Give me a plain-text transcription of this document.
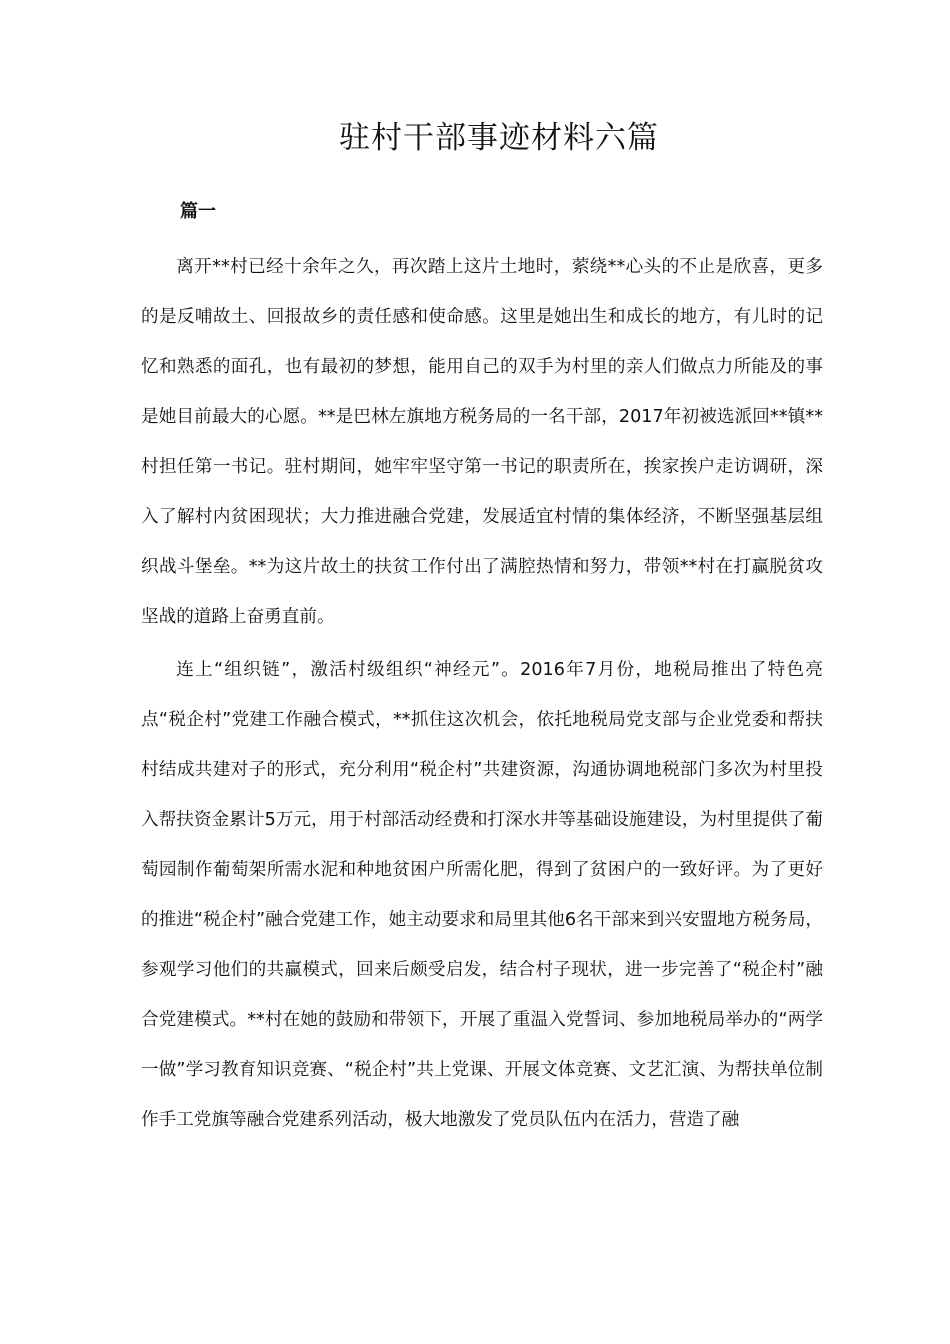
驻村干部事迹材料六篇
篇一

离开**村已经十余年之久，再次踏上这片土地时，萦绕**心头的不止是欣喜，更多的是反哺故土、回报故乡的责任感和使命感。这里是她出生和成长的地方，有儿时的记忆和熟悉的面孔，也有最初的梦想，能用自己的双手为村里的亲人们做点力所能及的事是她目前最大的心愿。**是巴林左旗地方税务局的一名干部，2017年初被选派回**镇**村担任第一书记。驻村期间，她牢牢坚守第一书记的职责所在，挨家挨户走访调研，深入了解村内贫困现状；大力推进融合党建，发展适宜村情的集体经济，不断坚强基层组织战斗堡垒。**为这片故土的扶贫工作付出了满腔热情和努力，带领**村在打赢脱贫攻坚战的道路上奋勇直前。

连上“组织链”，激活村级组织“神经元”。2016年7月份，地税局推出了特色亮点“税企村”党建工作融合模式，**抓住这次机会，依托地税局党支部与企业党委和帮扶村结成共建对子的形式，充分利用“税企村”共建资源，沟通协调地税部门多次为村里投入帮扶资金累计5万元，用于村部活动经费和打深水井等基础设施建设，为村里提供了葡萄园制作葡萄架所需水泥和种地贫困户所需化肥，得到了贫困户的一致好评。为了更好的推进“税企村”融合党建工作，她主动要求和局里其他6名干部来到兴安盟地方税务局，参观学习他们的共赢模式，回来后颇受启发，结合村子现状，进一步完善了“税企村”融合党建模式。**村在她的鼓励和带领下，开展了重温入党誓词、参加地税局举办的“两学一做”学习教育知识竞赛、“税企村”共上党课、开展文体竞赛、文艺汇演、为帮扶单位制作手工党旗等融合党建系列活动，极大地激发了党员队伍内在活力，营造了融
